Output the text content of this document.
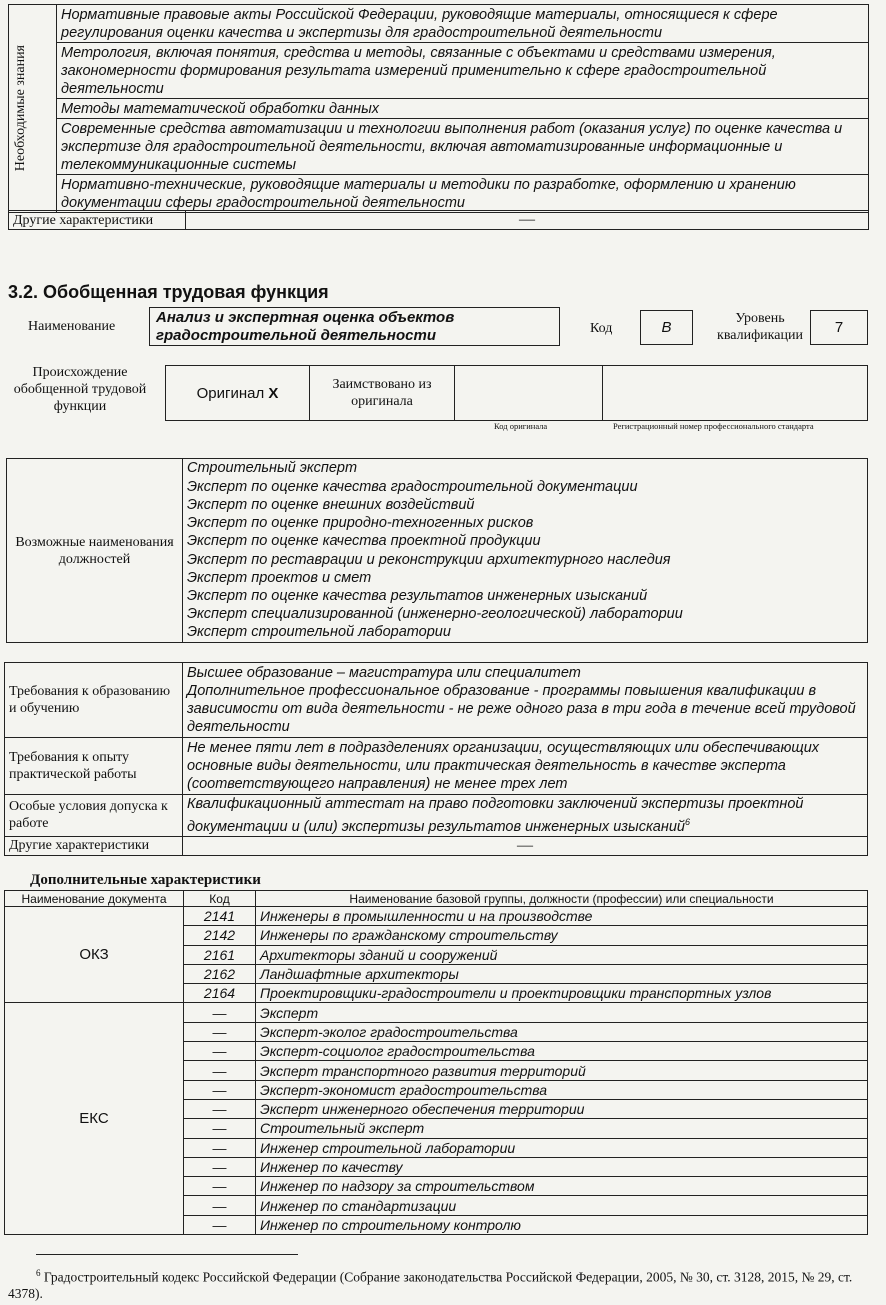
Необходимые знания
	Нормативные правовые акты Российской Федерации, руководящие материалы, относящиеся к сфере регулирования оценки качества и экспертизы для градостроительной деятельности
Метрология, включая понятия, средства и методы, связанные с объектами и средствами измерения, закономерности формирования результата измерений применительно к сфере градостроительной деятельности
Методы математической обработки данных
Современные средства автоматизации и технологии выполнения работ (оказания услуг) по оценке качества и экспертизе для градостроительной деятельности, включая автоматизированные информационные и телекоммуникационные системы
Нормативно-технические, руководящие материалы и методики по разработке, оформлению и хранению документации сферы градостроительной деятельности
Другие характеристики	—
3.2. Обобщенная трудовая функция
Наименование
Анализ и экспертная оценка объектов градостроительной деятельности	Код	B
Уровень квалификации	7
Происхождение обобщенной трудовой функции
Оригинал X	Заимствовано из оригинала		
Код оригинала	Регистрационный номер профессионального стандарта
Возможные наименования должностей	
Строительный эксперт
Эксперт по оценке качества градостроительной документации
Эксперт по оценке внешних воздействий
Эксперт по оценке природно-техногенных рисков
Эксперт по оценке качества проектной продукции
Эксперт по реставрации и реконструкции архитектурного наследия
Эксперт проектов и смет
Эксперт по оценке качества результатов инженерных изысканий
Эксперт специализированной (инженерно-геологической) лаборатории
Эксперт строительной лаборатории
Требования к образованию и обучению	Высшее образование – магистратура или специалитет
Дополнительное профессиональное образование - программы повышения квалификации в зависимости от вида деятельности - не реже одного раза в три года в течение всей трудовой деятельности

Требования к опыту практической работы	Не менее пяти лет в подразделениях организации, осуществляющих или обеспечивающих основные виды деятельности, или практическая деятельность в качестве эксперта (соответствующего направления) не менее трех лет
Особые условия допуска к работе	Квалификационный аттестат на право подготовки заключений экспертизы проектной документации и (или) экспертизы результатов инженерных изысканий$^6$
Другие характеристики	—
Дополнительные характеристики
Наименование документа	Код	Наименование базовой группы, должности (профессии) или специальности
ОКЗ	2141	Инженеры в промышленности и на производстве
	2142	Инженеры по гражданскому строительству
	2161	Архитекторы зданий и сооружений
	2162	Ландшафтные архитекторы
	2164	Проектировщики-градостроители и проектировщики транспортных узлов
ЕКС	—	Эксперт
	—	Эксперт-эколог градостроительства
	—	Эксперт-социолог градостроительства
	—	Эксперт транспортного развития территорий
	—	Эксперт-экономист градостроительства
	—	Эксперт инженерного обеспечения территории
	—	Строительный эксперт
	—	Инженер строительной лаборатории
	—	Инженер по качеству
	—	Инженер по надзору за строительством
	—	Инженер по стандартизации
	—	Инженер по строительному контролю
$^6$ Градостроительный кодекс Российской Федерации (Собрание законодательства Российской Федерации, 2005, № 30, ст. 3128, 2015, № 29, ст. 4378).
